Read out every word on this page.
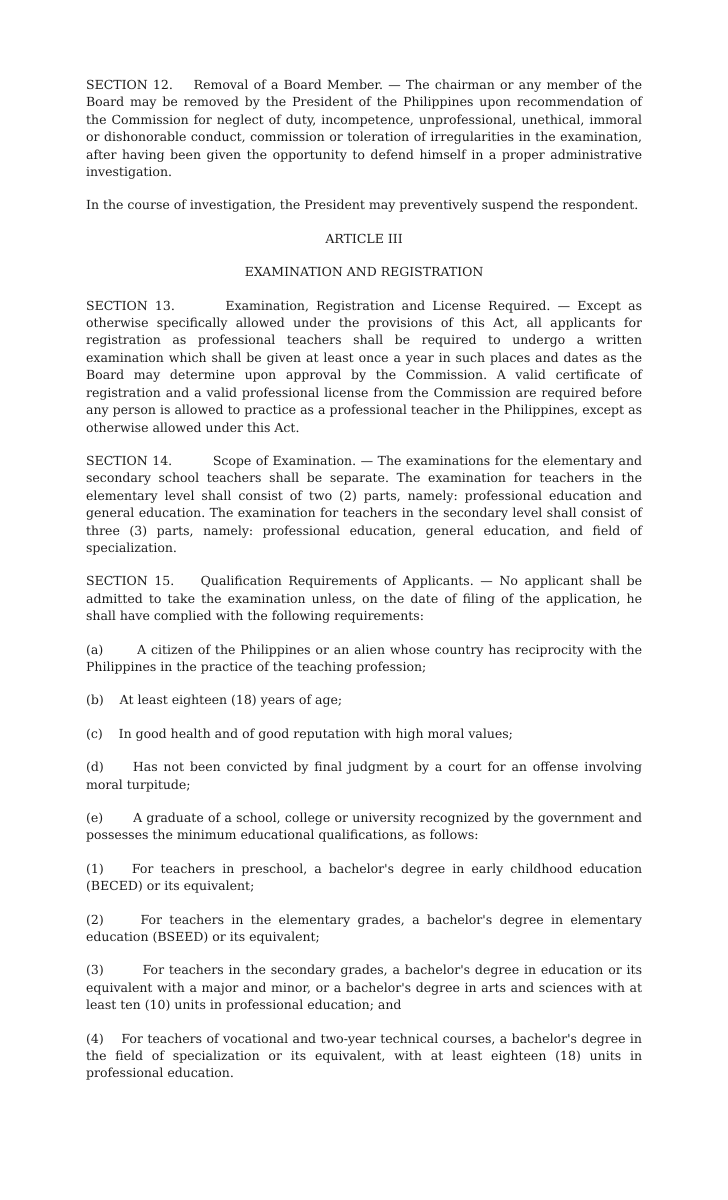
SECTION 12. Removal of a Board Member. — The chairman or any member of the Board may be removed by the President of the Philippines upon recommendation of the Commission for neglect of duty, incompetence, unprofessional, unethical, immoral or dishonorable conduct, commission or toleration of irregularities in the examination, after having been given the opportunity to defend himself in a proper administrative investigation.

In the course of investigation, the President may preventively suspend the respondent.

ARTICLE III

EXAMINATION AND REGISTRATION

SECTION 13.	Examination, Registration and License Required. — Except as otherwise specifically allowed under the provisions of this Act, all applicants for registration as professional teachers shall be required to undergo a written examination which shall be given at least once a year in such places and dates as the Board may determine upon approval by the Commission. A valid certificate of registration and a valid professional license from the Commission are required before any person is allowed to practice as a professional teacher in the Philippines, except as otherwise allowed under this Act.

SECTION 14.	Scope of Examination. — The examinations for the elementary and secondary school teachers shall be separate. The examination for teachers in the elementary level shall consist of two (2) parts, namely: professional education and general education. The examination for teachers in the secondary level shall consist of three (3) parts, namely: professional education, general education, and field of specialization.

SECTION 15. Qualification Requirements of Applicants. — No applicant shall be admitted to take the examination unless, on the date of filing of the application, he shall have complied with the following requirements:

(a)	A citizen of the Philippines or an alien whose country has reciprocity with the Philippines in the practice of the teaching profession;

(b) At least eighteen (18) years of age;

(c) In good health and of good reputation with high moral values;

(d) Has not been convicted by final judgment by a court for an offense involving moral turpitude;

(e) A graduate of a school, college or university recognized by the government and possesses the minimum educational qualifications, as follows:

(1) For teachers in preschool, a bachelor's degree in early childhood education (BECED) or its equivalent;

(2)	For teachers in the elementary grades, a bachelor's degree in elementary education (BSEED) or its equivalent;

(3)	For teachers in the secondary grades, a bachelor's degree in education or its equivalent with a major and minor, or a bachelor's degree in arts and sciences with at least ten (10) units in professional education; and

(4) For teachers of vocational and two-year technical courses, a bachelor's degree in the field of specialization or its equivalent, with at least eighteen (18) units in professional education.
